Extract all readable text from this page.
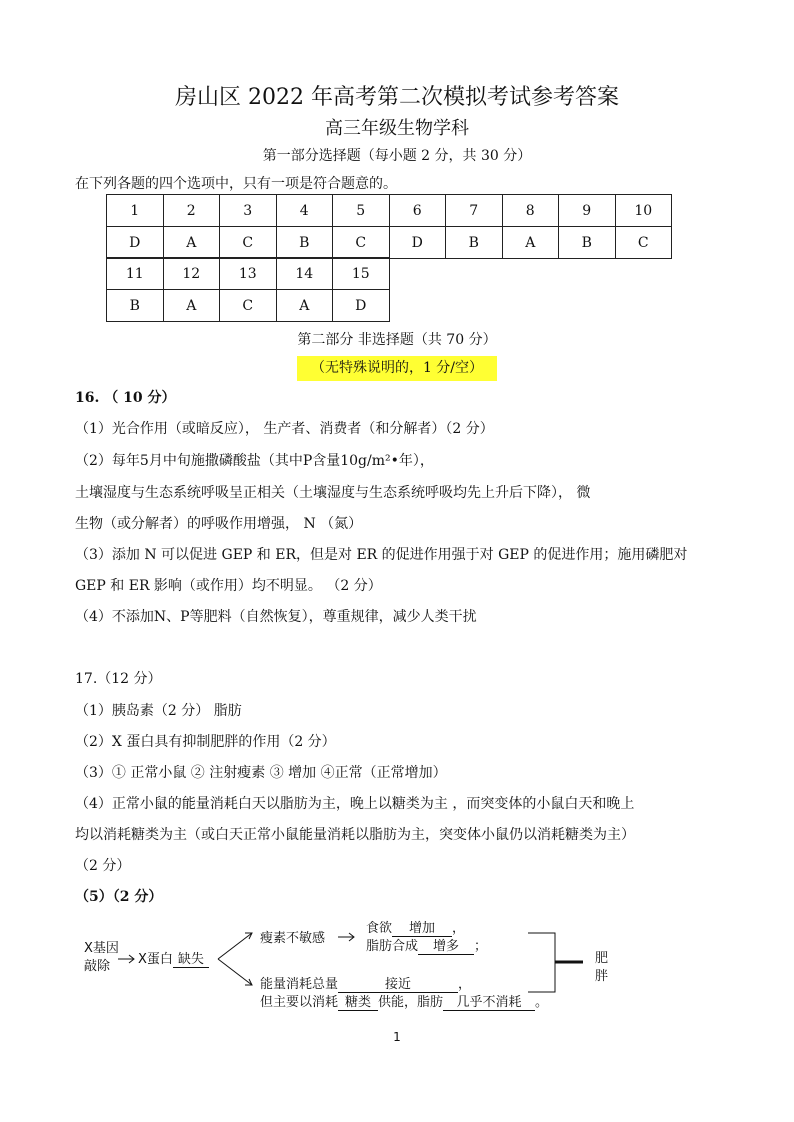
房山区 2022 年高考第二次模拟考试参考答案
高三年级生物学科
第一部分选择题（每小题 2 分，共 30 分）
在下列各题的四个选项中，只有一项是符合题意的。
1	2	3	4	5	6	7	8	9	10
D	A	C	B	C	D	B	A	B	C
11	12	13	14	15
B	A	C	A	D
第二部分 非选择题（共 70 分）
（无特殊说明的，1 分/空）
16. （ 10 分）
（1）光合作用（或暗反应）， 生产者、消费者（和分解者）（2 分）
（2）每年5月中旬施撒磷酸盐（其中P含量10g/m²•年），
土壤湿度与生态系统呼吸呈正相关（土壤湿度与生态系统呼吸均先上升后下降）， 微
生物（或分解者）的呼吸作用增强， N （氮）
（3）添加 N 可以促进 GEP 和 ER，但是对 ER 的促进作用强于对 GEP 的促进作用；施用磷肥对
GEP 和 ER 影响（或作用）均不明显。 （2 分）
（4）不添加N、P等肥料（自然恢复），尊重规律，减少人类干扰
17.（12 分）
（1）胰岛素（2 分） 脂肪
（2）X 蛋白具有抑制肥胖的作用（2 分）
（3）① 正常小鼠 ② 注射瘦素 ③ 增加 ④正常（正常增加）
（4）正常小鼠的能量消耗白天以脂肪为主，晚上以糖类为主 ，而突变体的小鼠白天和晚上
均以消耗糖类为主（或白天正常小鼠能量消耗以脂肪为主，突变体小鼠仍以消耗糖类为主）
（2 分）
（5）（2 分）
X基因
敲除 X蛋白 缺失
瘦素不敏感
食欲 增加 ，
脂肪合成 增多 ；
能量消耗总量	接近	，
但主要以消耗 糖类 供能，脂肪 几乎不消耗 。
肥
胖
1
